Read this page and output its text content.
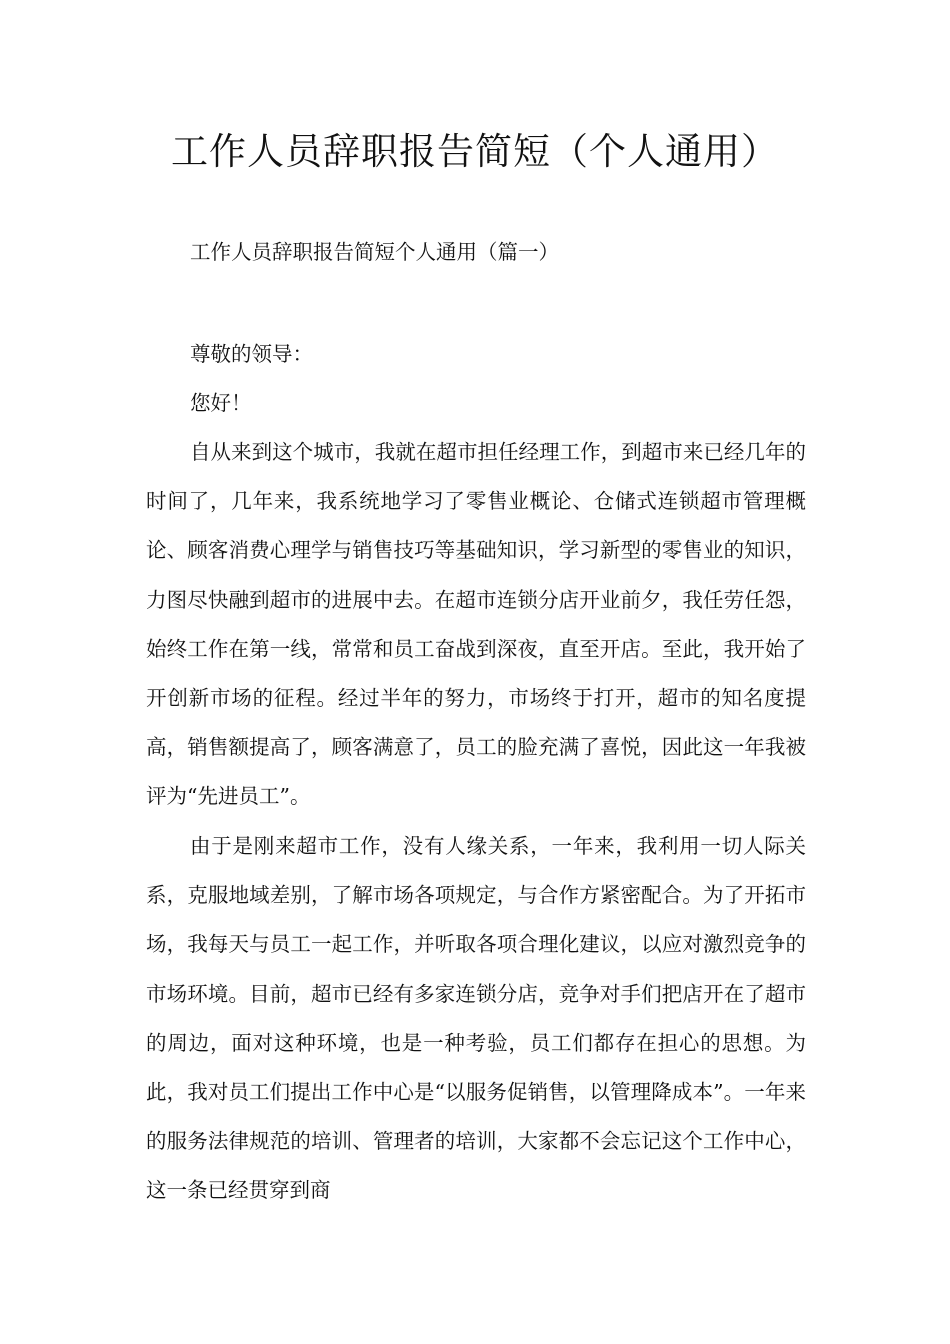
工作人员辞职报告简短（个人通用）
工作人员辞职报告简短个人通用（篇一）
尊敬的领导：
您好！

自从来到这个城市，我就在超市担任经理工作，到超市来已经几年的时间了，几年来，我系统地学习了零售业概论、仓储式连锁超市管理概论、顾客消费心理学与销售技巧等基础知识，学习新型的零售业的知识，力图尽快融到超市的进展中去。在超市连锁分店开业前夕，我任劳任怨，始终工作在第一线，常常和员工奋战到深夜，直至开店。至此，我开始了开创新市场的征程。经过半年的努力，市场终于打开，超市的知名度提高，销售额提高了，顾客满意了，员工的脸充满了喜悦，因此这一年我被评为“先进员工”。

由于是刚来超市工作，没有人缘关系，一年来，我利用一切人际关系，克服地域差别，了解市场各项规定，与合作方紧密配合。为了开拓市场，我每天与员工一起工作，并听取各项合理化建议，以应对激烈竞争的市场环境。目前，超市已经有多家连锁分店，竞争对手们把店开在了超市的周边，面对这种环境，也是一种考验，员工们都存在担心的思想。为此，我对员工们提出工作中心是“以服务促销售，以管理降成本”。一年来的服务法律规范的培训、管理者的培训，大家都不会忘记这个工作中心，这一条已经贯穿到商
